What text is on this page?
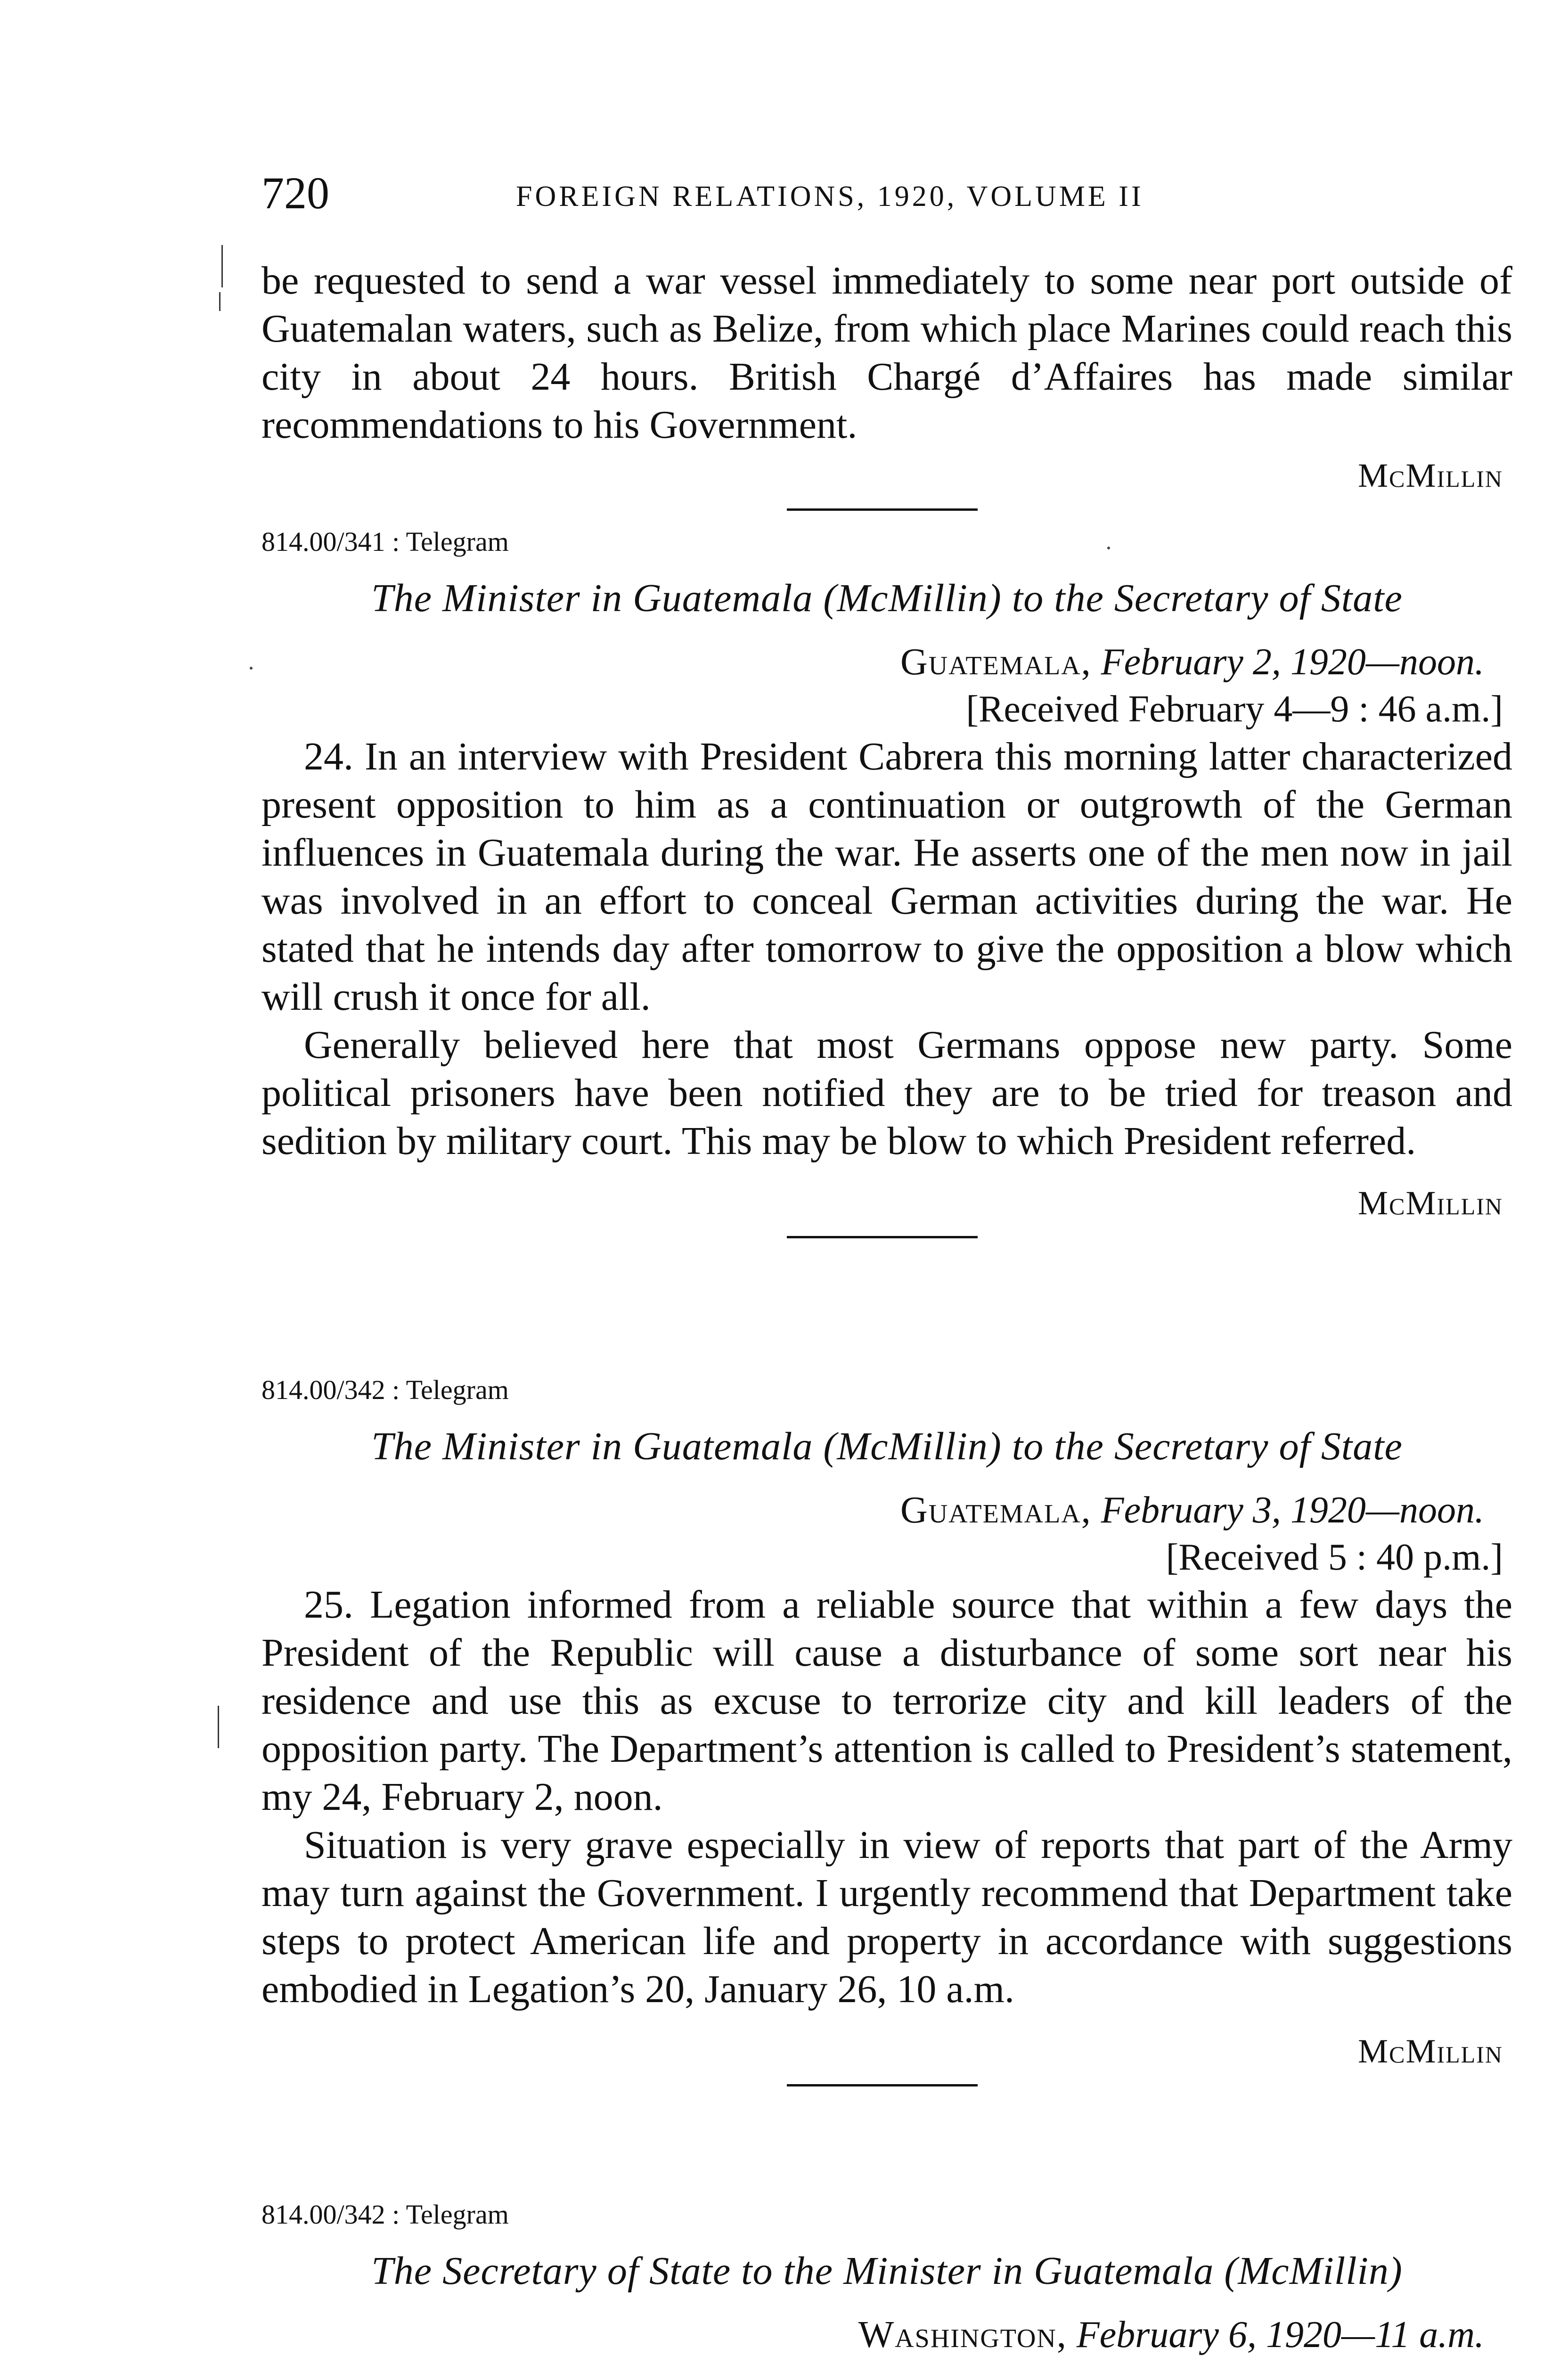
720	FOREIGN RELATIONS, 1920, VOLUME II

be requested to send a war vessel immediately to some near port outside of Guatemalan waters, such as Belize, from which place Marines could reach this city in about 24 hours. British Chargé d’Affaires has made similar recommendations to his Government.

McMillin
814.00/341 : Telegram
The Minister in Guatemala (McMillin) to the Secretary of State
Guatemala, February 2, 1920—noon.
[Received February 4—9 : 46 a.m.]

24. In an interview with President Cabrera this morning latter characterized present opposition to him as a continuation or outgrowth of the German influences in Guatemala during the war. He asserts one of the men now in jail was involved in an effort to conceal German activities during the war. He stated that he intends day after tomorrow to give the opposition a blow which will crush it once for all.

Generally believed here that most Germans oppose new party. Some political prisoners have been notified they are to be tried for treason and sedition by military court. This may be blow to which President referred.

McMillin
814.00/342 : Telegram
The Minister in Guatemala (McMillin) to the Secretary of State
Guatemala, February 3, 1920—noon.
[Received 5 : 40 p.m.]

25. Legation informed from a reliable source that within a few days the President of the Republic will cause a disturbance of some sort near his residence and use this as excuse to terrorize city and kill leaders of the opposition party. The Department’s attention is called to President’s statement, my 24, February 2, noon.

Situation is very grave especially in view of reports that part of the Army may turn against the Government. I urgently recommend that Department take steps to protect American life and property in accordance with suggestions embodied in Legation’s 20, January 26, 10 a.m.

McMillin
814.00/342 : Telegram
The Secretary of State to the Minister in Guatemala (McMillin)
Washington, February 6, 1920—11 a.m.
